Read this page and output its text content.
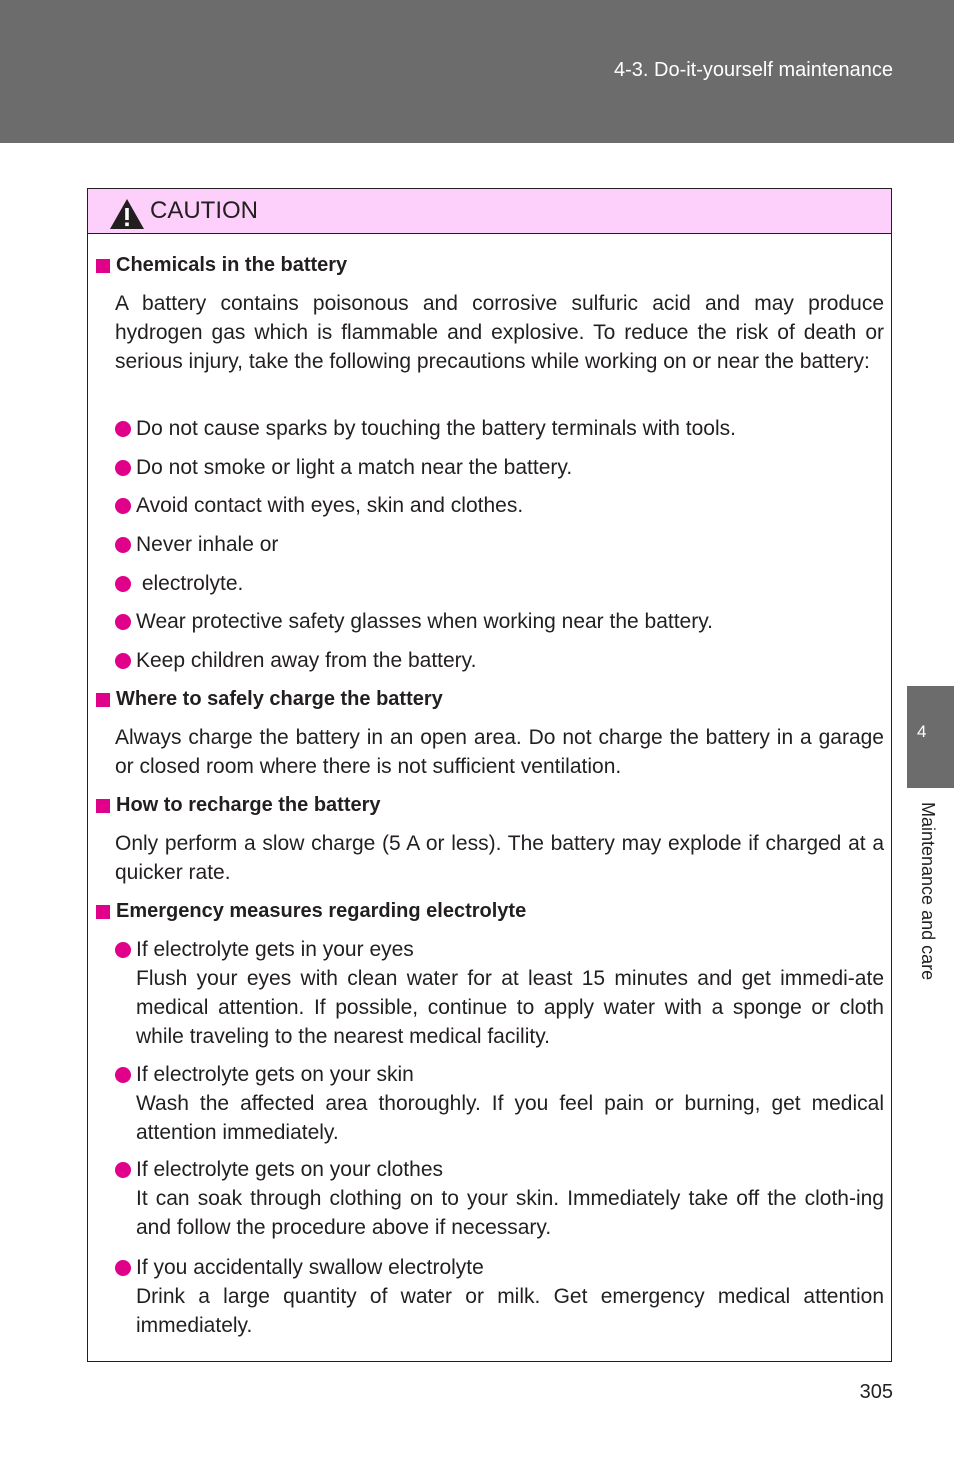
4-3. Do-it-yourself maintenance
4
Maintenance and care
CAUTION
Chemicals in the battery
A battery contains poisonous and corrosive sulfuric acid and may produce hydrogen gas which is flammable and explosive. To reduce the risk of death or serious injury, take the following precautions while working on or near the battery:
Do not cause sparks by touching the battery terminals with tools.
Do not smoke or light a match near the battery.
Avoid contact with eyes, skin and clothes.
Never inhale or
electrolyte.
Wear protective safety glasses when working near the battery.
Keep children away from the battery.
Where to safely charge the battery
Always charge the battery in an open area. Do not charge the battery in a garage or closed room where there is not sufficient ventilation.
How to recharge the battery
Only perform a slow charge (5 A or less). The battery may explode if charged at a quicker rate.
Emergency measures regarding electrolyte
If electrolyte gets in your eyes
Flush your eyes with clean water for at least 15 minutes and get immedi-ate medical attention. If possible, continue to apply water with a sponge or cloth while traveling to the nearest medical facility.
If electrolyte gets on your skin
Wash the affected area thoroughly. If you feel pain or burning, get medical attention immediately.
If electrolyte gets on your clothes
It can soak through clothing on to your skin. Immediately take off the cloth-ing and follow the procedure above if necessary.
If you accidentally swallow electrolyte
Drink a large quantity of water or milk. Get emergency medical attention immediately.
305
